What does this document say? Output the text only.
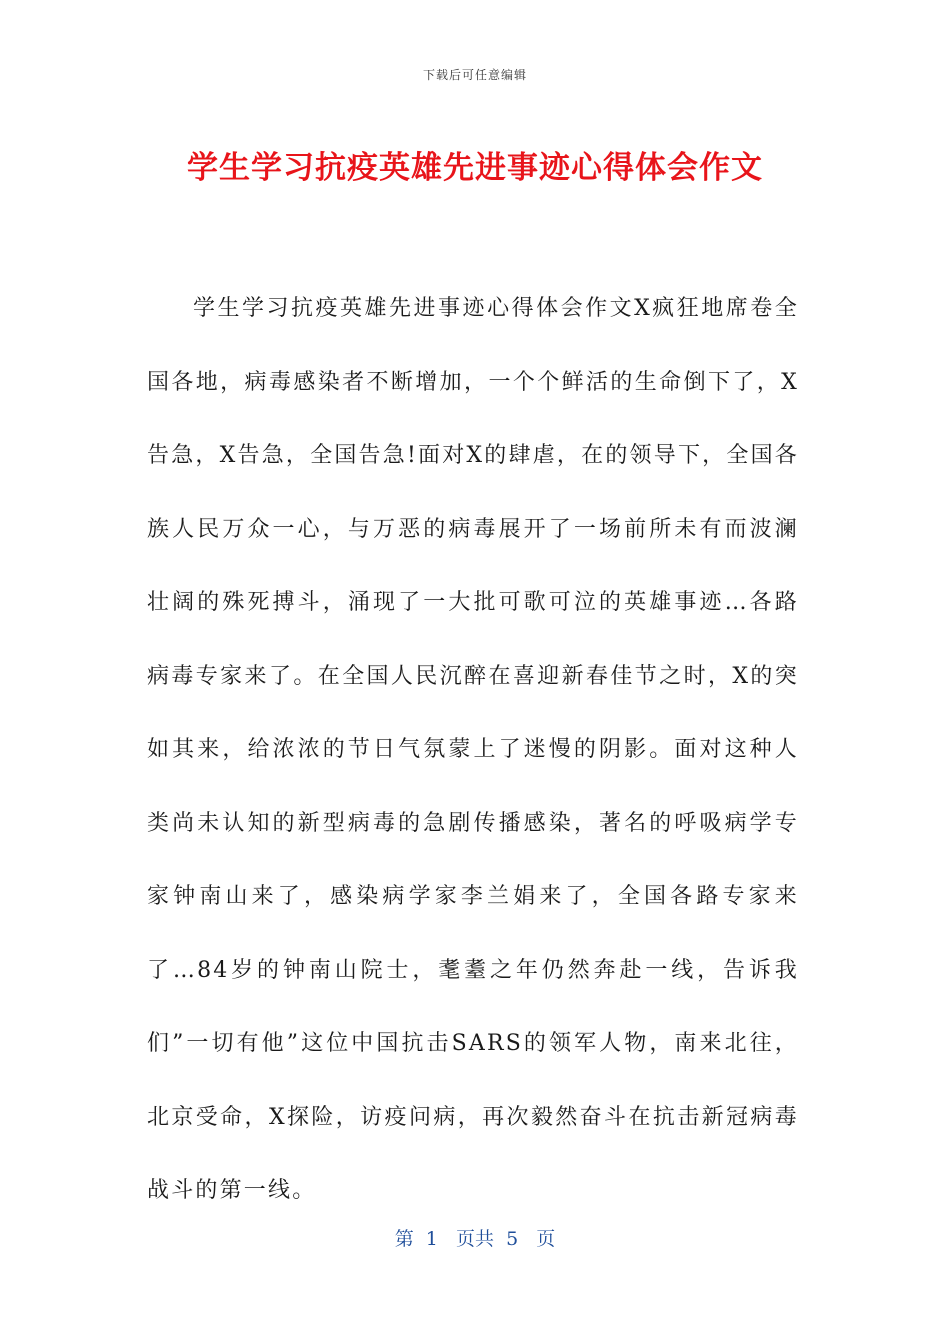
下载后可任意编辑
学生学习抗疫英雄先进事迹心得体会作文

学生学习抗疫英雄先进事迹心得体会作文X疯狂地席卷全国各地，病毒感染者不断增加，一个个鲜活的生命倒下了，X告急，X告急，全国告急!面对X的肆虐，在的领导下，全国各族人民万众一心，与万恶的病毒展开了一场前所未有而波澜壮阔的殊死搏斗，涌现了一大批可歌可泣的英雄事迹…各路病毒专家来了。在全国人民沉醉在喜迎新春佳节之时，X的突如其来，给浓浓的节日气氛蒙上了迷慢的阴影。面对这种人类尚未认知的新型病毒的急剧传播感染，著名的呼吸病学专家钟南山来了，感染病学家李兰娟来了，全国各路专家来了…84岁的钟南山院士，耄耋之年仍然奔赴一线，告诉我们”一切有他”这位中国抗击SARS的领军人物，南来北往，北京受命，X探险，访疫问病，再次毅然奋斗在抗击新冠病毒战斗的第一线。

第  1   页共  5   页
